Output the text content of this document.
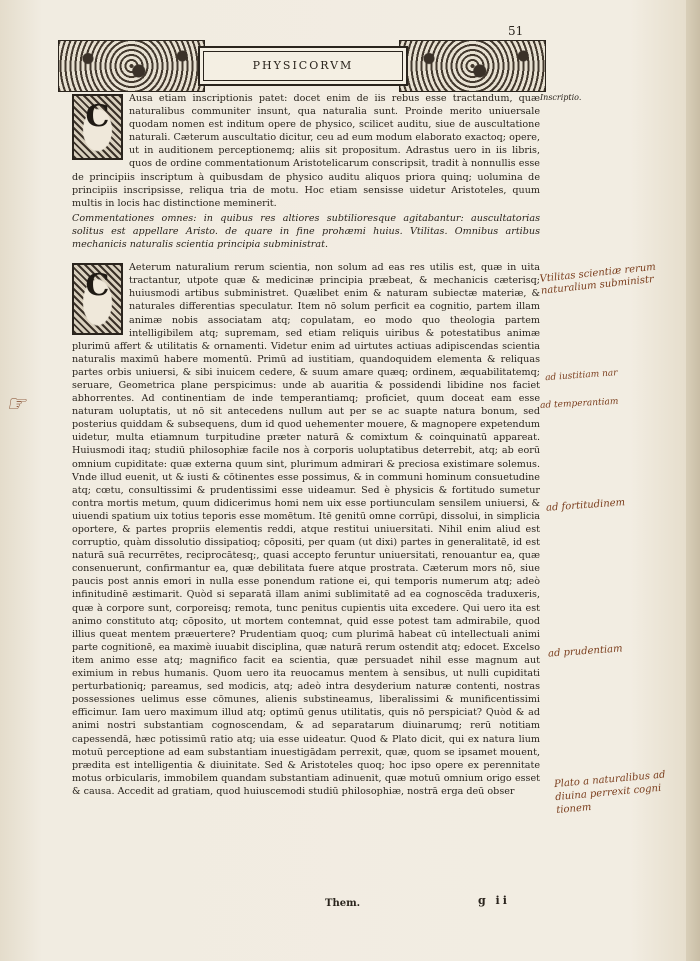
51
PHYSICORVM
Inscriptio.

C
Ausa etiam inscriptionis patet: docet enim de iis rebus esse tractandum, quæ naturalibus communiter insunt, qua naturalia sunt. Proinde merito uniuersale quodam nomen est inditum opere de physico, scilicet auditu, siue de auscultatione naturali. Cæterum auscultatio dicitur, ceu ad eum modum elaborato exactoq; opere, ut in auditionem perceptionemq; aliis sit propositum. Adrastus uero in iis libris, quos de ordine commentationum Aristotelicarum conscripsit, tradit à nonnullis esse de principiis inscriptum à quibusdam de physico auditu aliquos priora quinq; uolumina de principiis inscripsisse, reliqua tria de motu. Hoc etiam sensisse uidetur Aristoteles, quum multis in locis hac distinctione meminerit.

Commentationes omnes: in quibus res altiores subtilioresque agitabantur: auscultatorias solitus est appellare Aristo. de quare in fine prohæmi huius. Vtilitas. Omnibus artibus mechanicis naturalis scientia principia subministrat.

C
Aeterum naturalium rerum scientia, non solum ad eas res utilis est, quæ in uita tractantur, utpote quæ & medicinæ principia præbeat, & mechanicis cæterisq; huiusmodi artibus subministret. Quælibet enim & naturam subiectæ materiæ, & naturales differentias speculatur. Item nō solum perficit ea cognitio, partem illam animæ nobis associatam atq; copulatam, eo modo quo theologia partem intelligibilem atq; supremam, sed etiam reliquis uiribus & potestatibus animæ plurimū affert & utilitatis & ornamenti. Videtur enim ad uirtutes actiuas adipiscendas scientia naturalis maximū habere momentū. Primū ad iustitiam, quandoquidem elementa & reliquas partes orbis uniuersi, & sibi inuicem cedere, & suum amare quæq; ordinem, æquabilitatemq; seruare, Geometrica plane perspicimus: unde ab auaritia & possidendi libidine nos faciet abhorrentes. Ad continentiam de inde temperantiamq; proficiet, quum doceat eam esse naturam uoluptatis, ut nō sit antecedens nullum aut per se ac suapte natura bonum, sed posterius quiddam & subsequens, dum id quod uehementer mouere, & magnopere expetendum uidetur, multa etiamnum turpitudine præter naturā & comixtum & coinquinatū appareat. Huiusmodi itaq; studiū philosophiæ facile nos à corporis uoluptatibus deterrebit, atq; ab eorū omnium cupiditate: quæ externa quum sint, plurimum admirari & preciosa existimare solemus. Vnde illud euenit, ut & iusti & cōtinentes esse possimus, & in communi hominum consuetudine atq; cœtu, consultissimi & prudentissimi esse uideamur. Sed è physicis & fortitudo sumetur contra mortis metum, quum didicerimus homi nem uix esse portiunculam sensilem uniuersi, & uiuendi spatium uix totius teporis esse momētum. Itē genitū omne corrūpi, dissolui, in simplicia oportere, & partes propriis elementis reddi, atque restitui uniuersitati. Nihil enim aliud est corruptio, quàm dissolutio dissipatioq; cōpositi, per quam (ut dixi) partes in generalitatē, id est naturā suā recurrētes, reciprocātesq;, quasi accepto feruntur uniuersitati, renouantur ea, quæ consenuerunt, confirmantur ea, quæ debilitata fuere atque prostrata. Cæterum mors nō, siue paucis post annis emori in nulla esse ponendum ratione ei, qui temporis numerum atq; adeò infinitudinē æstimarit. Quòd si separatā illam animi sublimitatē ad ea cognoscēda traduxeris, quæ à corpore sunt, corporeisq; remota, tunc penitus cupientis uita excedere. Qui uero ita est animo constituto atq; cōposito, ut mortem contemnat, quid esse potest tam admirabile, quod illius queat mentem præuertere? Prudentiam quoq; cum plurimā habeat cū intellectuali animi parte cognitionē, ea maximè iuuabit disciplina, quæ naturā rerum ostendit atq; edocet. Excelso item animo esse atq; magnifico facit ea scientia, quæ persuadet nihil esse magnum aut eximium in rebus humanis. Quom uero ita reuocamus mentem à sensibus, ut nulli cupiditati perturbationiq; pareamus, sed modicis, atq; adeò intra desyderium naturæ contenti, nostras possessiones uelimus esse cōmunes, alienis substineamus, liberalissimi & munificentissimi efficimur. Iam uero maximum illud atq; optimū genus utilitatis, quis nō perspiciat? Quòd & ad animi nostri substantiam cognoscendam, & ad separatarum diuinarumq; rerū notitiam capessendā, hæc potissimū ratio atq; uia esse uideatur. Quod & Plato dicit, qui ex natura lium motuū perceptione ad eam substantiam inuestigādam perrexit, quæ, quom se ipsamet mouent, prædita est intelligentia & diuinitate. Sed & Aristoteles quoq; hoc ipso opere ex perennitate motus orbicularis, immobilem quandam substantiam adinuenit, quæ motuū omnium origo esset & causa. Accedit ad gratiam, quod huiuscemodi studiū philosophiæ, nostrā erga deū obser

Them.	g ii
☞
Vtilitas scientiæ rerum naturalium subministr
ad iustitiam nar
ad temperantiam
ad fortitudinem
ad prudentiam
Plato a naturalibus ad diuina perrexit cogni tionem
